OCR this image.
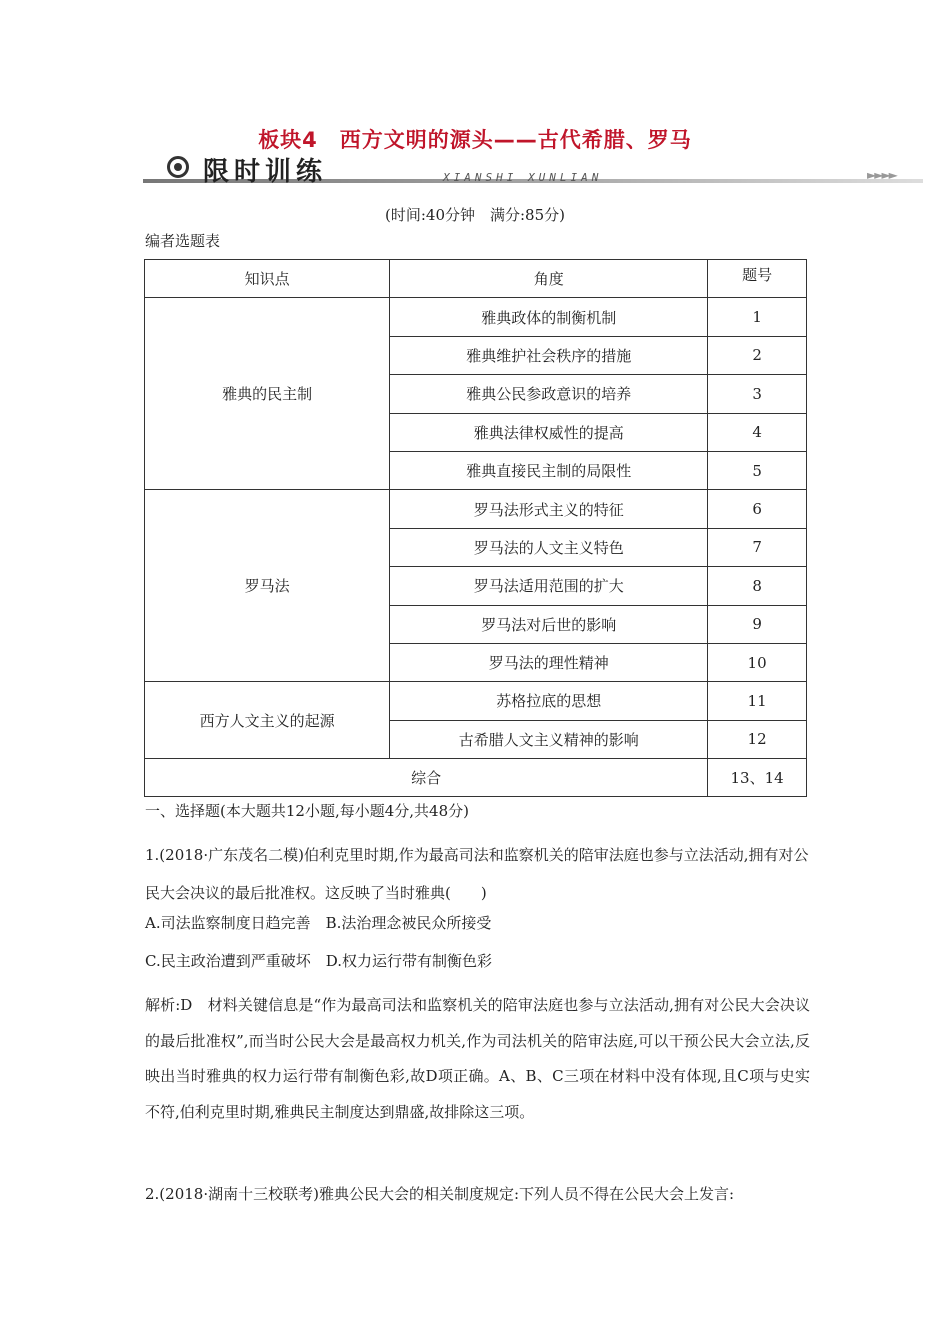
板块4　西方文明的源头——古代希腊、罗马
限时训练	XIANSHI XUNLIAN	►►►►
(时间:40分钟　满分:85分)
编者选题表
知识点	角度	题号
雅典的民主制	雅典政体的制衡机制	1
	雅典维护社会秩序的措施	2
	雅典公民参政意识的培养	3
	雅典法律权威性的提高	4
	雅典直接民主制的局限性	5
罗马法	罗马法形式主义的特征	6
	罗马法的人文主义特色	7
	罗马法适用范围的扩大	8
	罗马法对后世的影响	9
	罗马法的理性精神	10
西方人文主义的起源	苏格拉底的思想	11
	古希腊人文主义精神的影响	12
综合		13、14
一、选择题(本大题共12小题,每小题4分,共48分)

1.(2018·广东茂名二模)伯利克里时期,作为最高司法和监察机关的陪审法庭也参与立法活动,拥有对公民大会决议的最后批准权。这反映了当时雅典(　　)

A.司法监察制度日趋完善　B.法治理念被民众所接受
C.民主政治遭到严重破坏　D.权力运行带有制衡色彩
解析:D　材料关键信息是“作为最高司法和监察机关的陪审法庭也参与立法活动,拥有对公民大会决议的最后批准权”,而当时公民大会是最高权力机关,作为司法机关的陪审法庭,可以干预公民大会立法,反映出当时雅典的权力运行带有制衡色彩,故D项正确。A、B、C三项在材料中没有体现,且C项与史实不符,伯利克里时期,雅典民主制度达到鼎盛,故排除这三项。

2.(2018·湖南十三校联考)雅典公民大会的相关制度规定:下列人员不得在公民大会上发言:
